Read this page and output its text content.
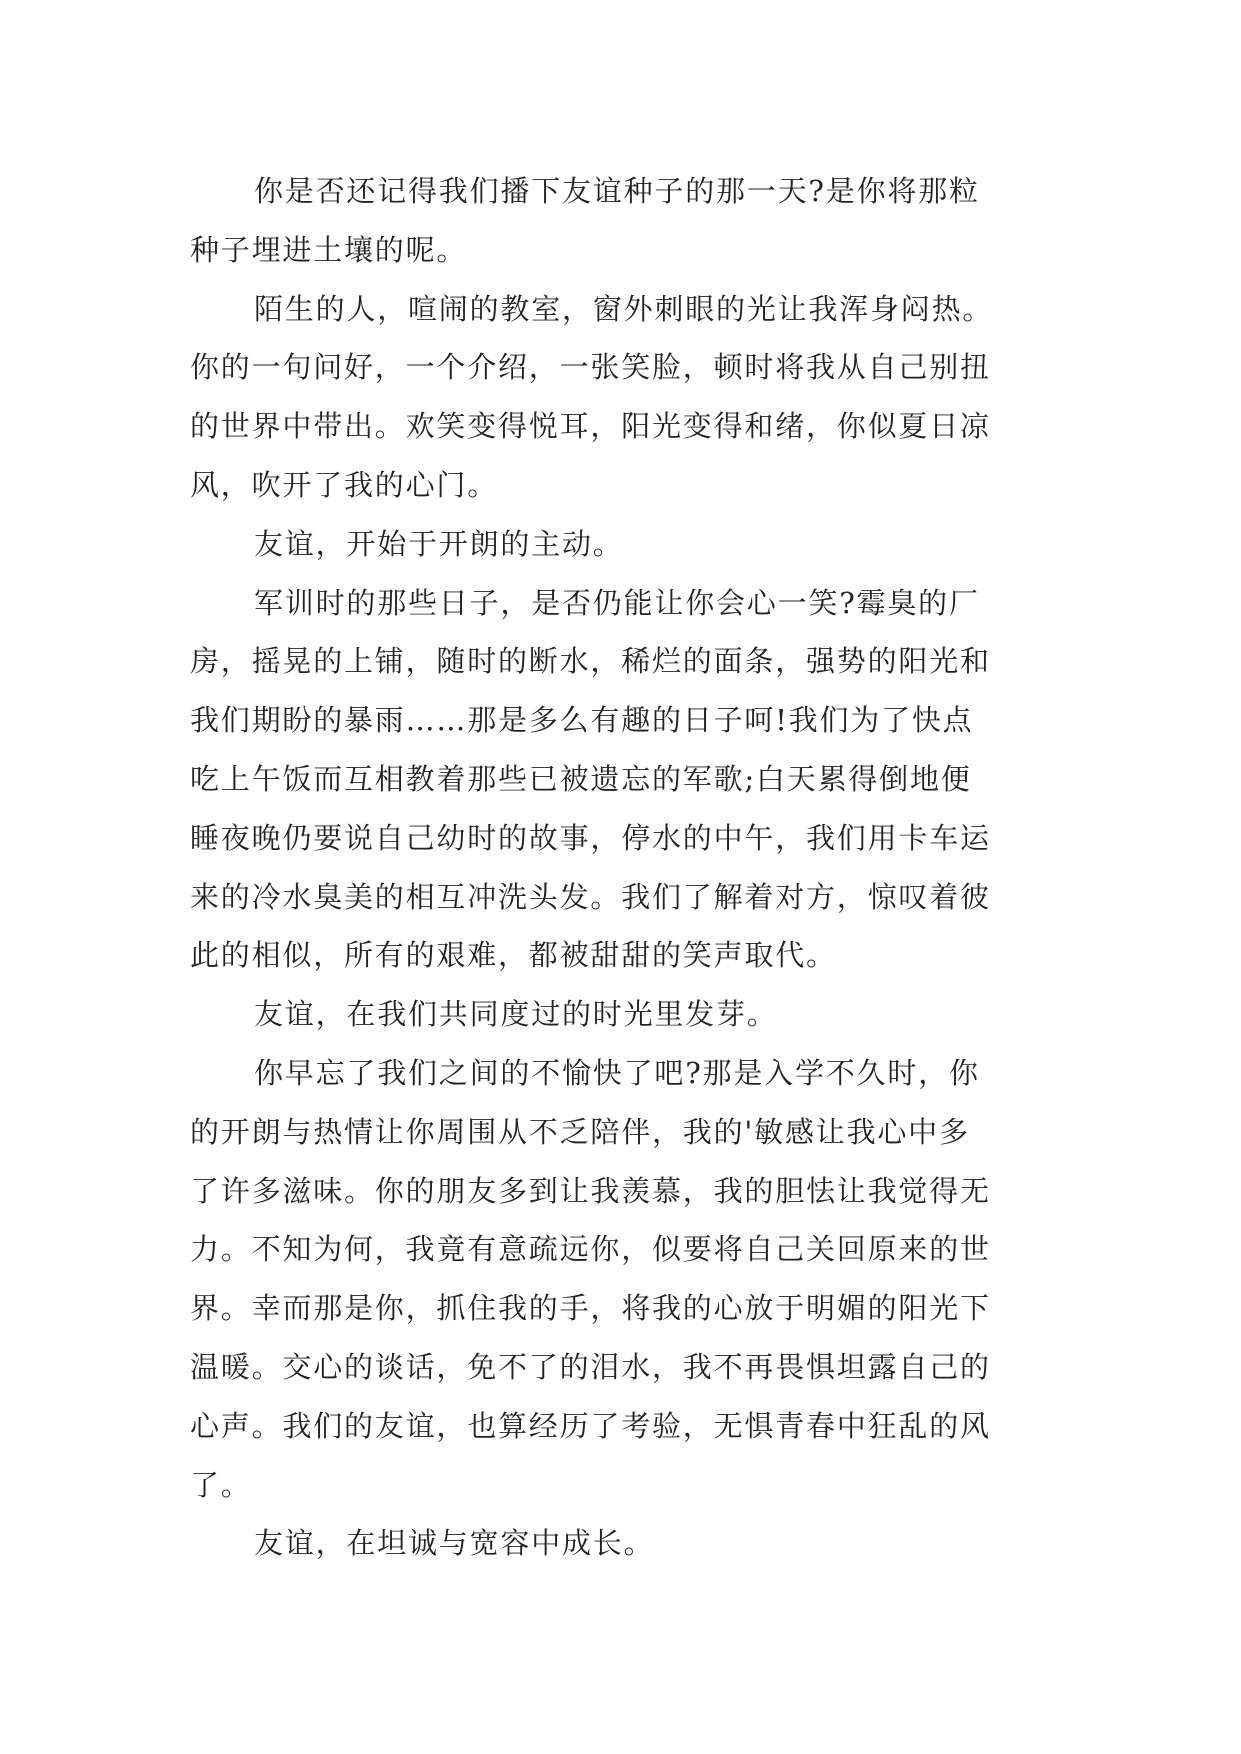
你是否还记得我们播下友谊种子的那一天?是你将那粒
种子埋进土壤的呢。

陌生的人，喧闹的教室，窗外刺眼的光让我浑身闷热。
你的一句问好，一个介绍，一张笑脸，顿时将我从自己别扭
的世界中带出。欢笑变得悦耳，阳光变得和绪，你似夏日凉
风，吹开了我的心门。

友谊，开始于开朗的主动。

军训时的那些日子，是否仍能让你会心一笑?霉臭的厂
房，摇晃的上铺，随时的断水，稀烂的面条，强势的阳光和
我们期盼的暴雨……那是多么有趣的日子呵!我们为了快点
吃上午饭而互相教着那些已被遗忘的军歌;白天累得倒地便
睡夜晚仍要说自己幼时的故事，停水的中午，我们用卡车运
来的冷水臭美的相互冲洗头发。我们了解着对方，惊叹着彼
此的相似，所有的艰难，都被甜甜的笑声取代。

友谊，在我们共同度过的时光里发芽。

你早忘了我们之间的不愉快了吧?那是入学不久时，你
的开朗与热情让你周围从不乏陪伴，我的'敏感让我心中多
了许多滋味。你的朋友多到让我羡慕，我的胆怯让我觉得无
力。不知为何，我竟有意疏远你，似要将自己关回原来的世
界。幸而那是你，抓住我的手，将我的心放于明媚的阳光下
温暖。交心的谈话，免不了的泪水，我不再畏惧坦露自己的
心声。我们的友谊，也算经历了考验，无惧青春中狂乱的风
了。

友谊，在坦诚与宽容中成长。
